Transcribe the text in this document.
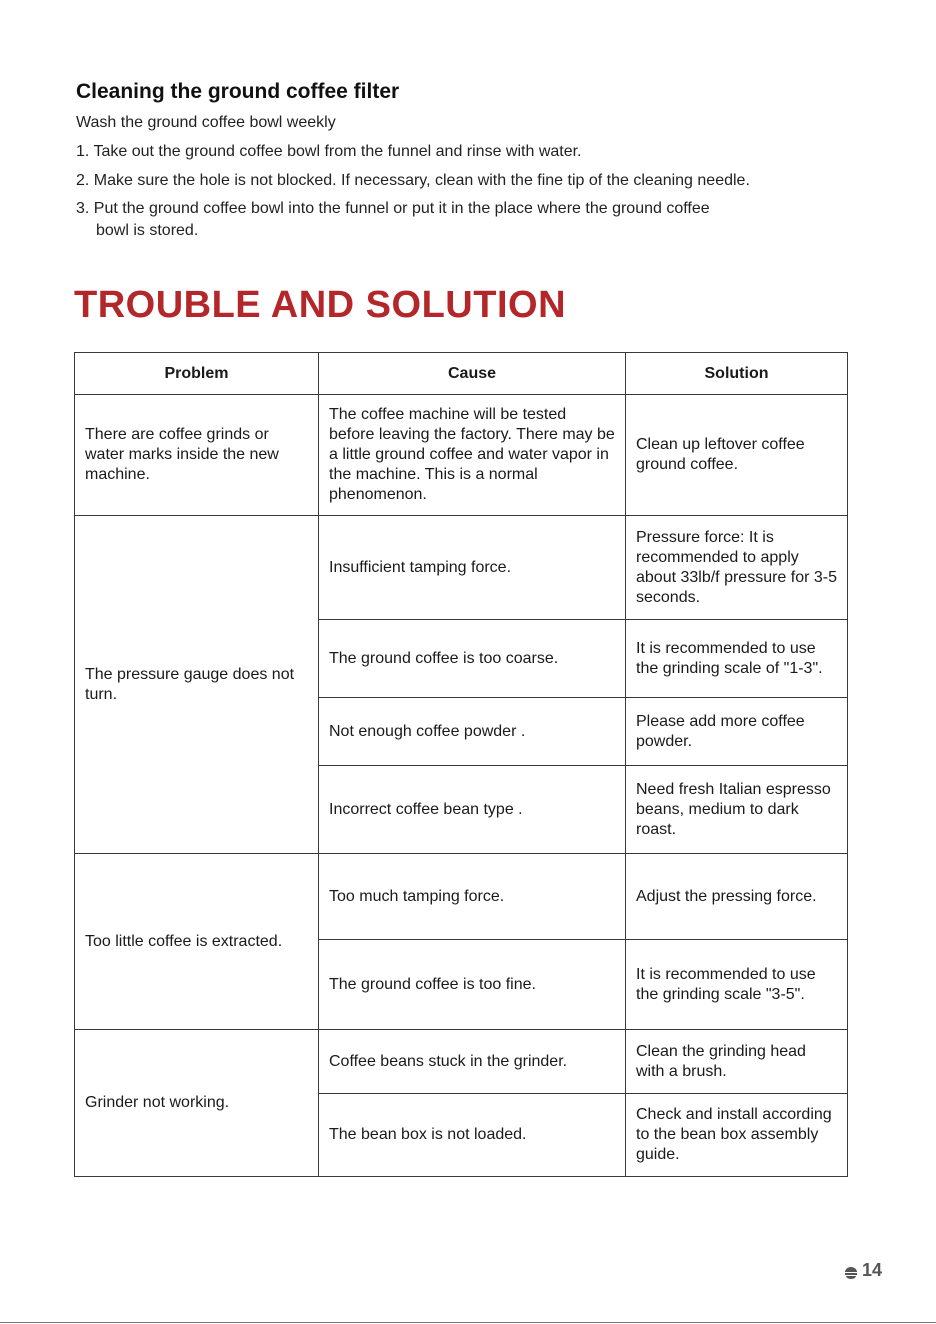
Cleaning the ground coffee filter

Wash the ground coffee bowl weekly

1. Take out the ground coffee bowl from the funnel and rinse with water.

2. Make sure the hole is not blocked. If necessary, clean with the fine tip of the cleaning needle.

3. Put the ground coffee bowl into the funnel or put it in the place where the ground coffee

bowl is stored.

TROUBLE AND SOLUTION
Problem	Cause	Solution
There are coffee grinds or water marks inside the new machine.	The coffee machine will be tested before leaving the factory. There may be a little ground coffee and water vapor in the machine. This is a normal phenomenon.	Clean up leftover coffee ground coffee.
The pressure gauge does not turn.	Insufficient tamping force.	Pressure force: It is recommended to apply about 33lb/f pressure for 3-5 seconds.
	The ground coffee is too coarse.	It is recommended to use the grinding scale of "1-3".
	Not enough coffee powder .	Please add more coffee powder.
	Incorrect coffee bean type .	Need fresh Italian espresso beans, medium to dark roast.
Too little coffee is extracted.	Too much tamping force.	Adjust the pressing force.
	The ground coffee is too fine.	It is recommended to use the grinding scale "3-5".
Grinder not working.	Coffee beans stuck in the grinder.	Clean the grinding head with a brush.
	The bean box is not loaded.	Check and install according to the bean box assembly guide.
14
